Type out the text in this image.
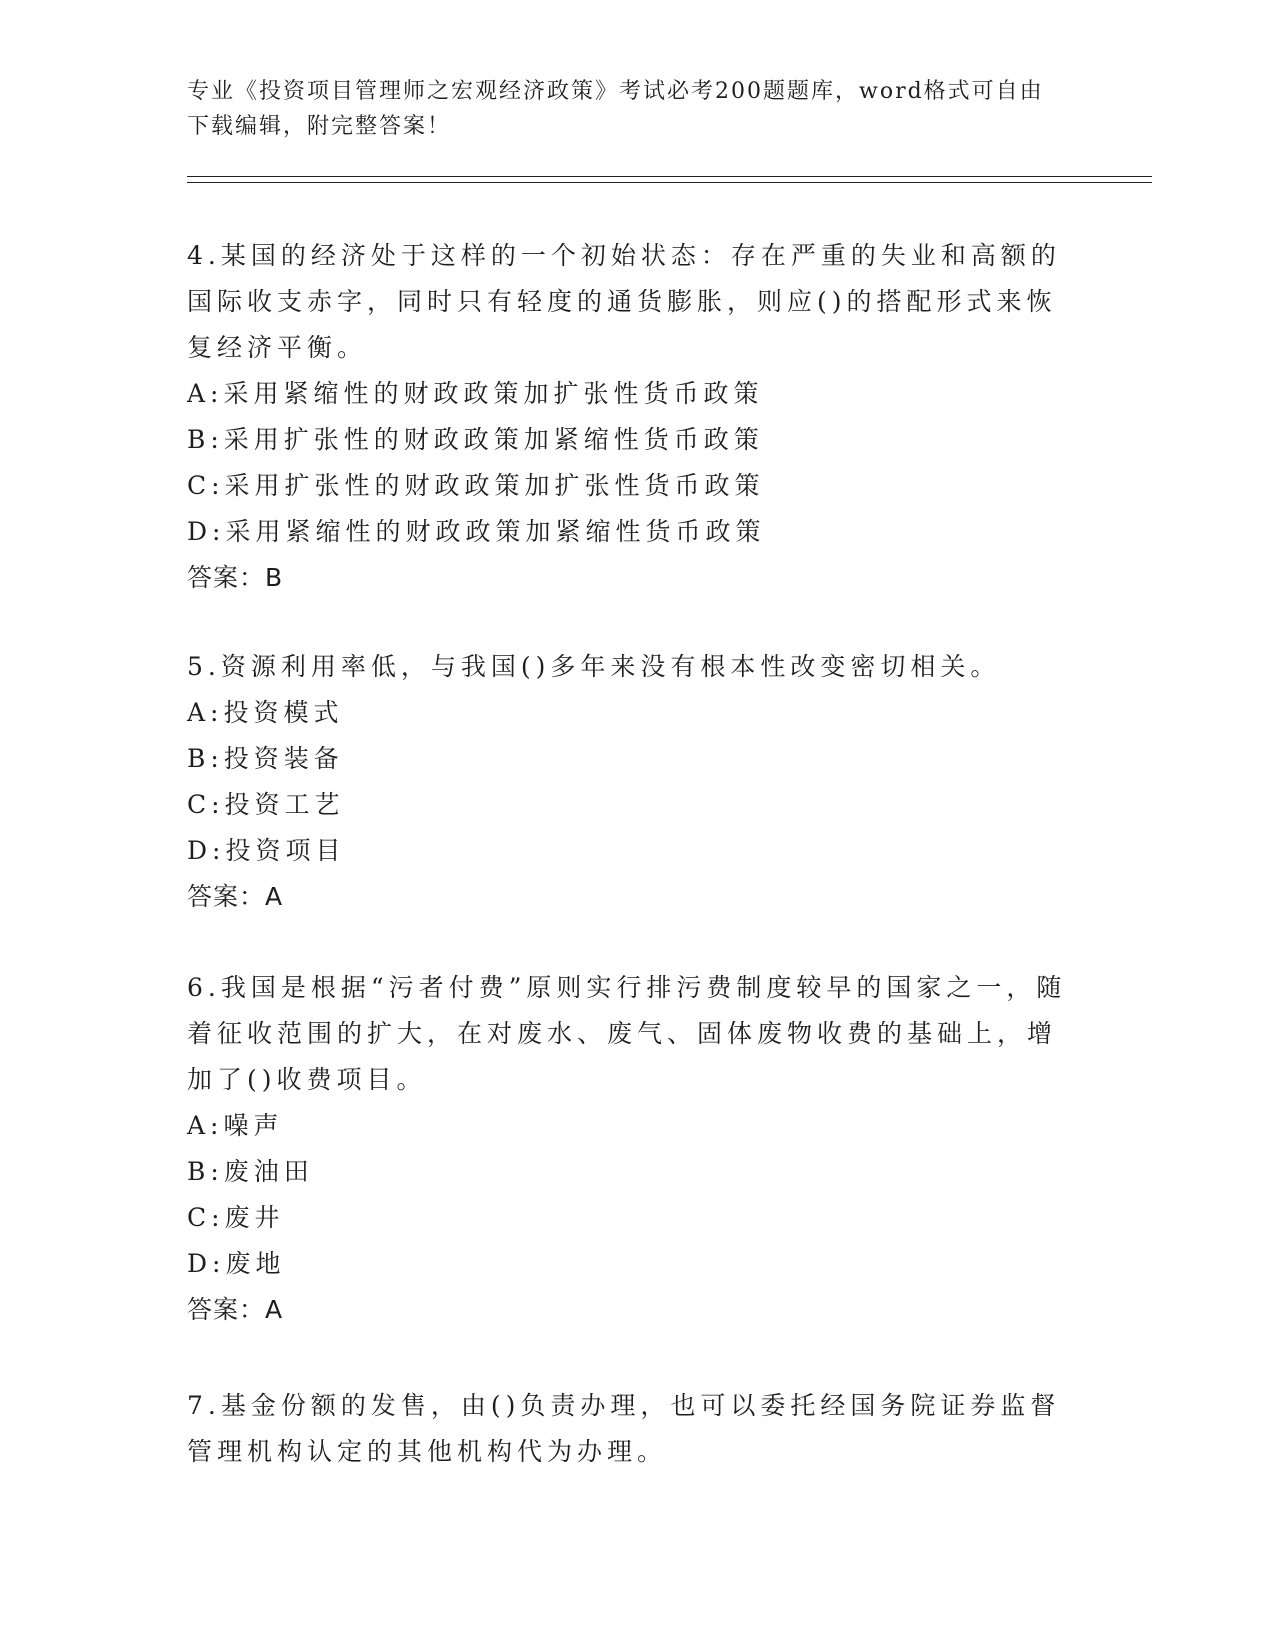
专业《投资项目管理师之宏观经济政策》考试必考200题题库，word格式可自由下载编辑，附完整答案！

4.某国的经济处于这样的一个初始状态：存在严重的失业和高额的国际收支赤字，同时只有轻度的通货膨胀，则应()的搭配形式来恢复经济平衡。

A:采用紧缩性的财政政策加扩张性货币政策

B:采用扩张性的财政政策加紧缩性货币政策

C:采用扩张性的财政政策加扩张性货币政策

D:采用紧缩性的财政政策加紧缩性货币政策

答案：B

5.资源利用率低，与我国()多年来没有根本性改变密切相关。

A:投资模式

B:投资装备

C:投资工艺

D:投资项目

答案：A

6.我国是根据“污者付费”原则实行排污费制度较早的国家之一，随着征收范围的扩大，在对废水、废气、固体废物收费的基础上，增加了()收费项目。

A:噪声

B:废油田

C:废井

D:废地

答案：A

7.基金份额的发售，由()负责办理，也可以委托经国务院证券监督管理机构认定的其他机构代为办理。
